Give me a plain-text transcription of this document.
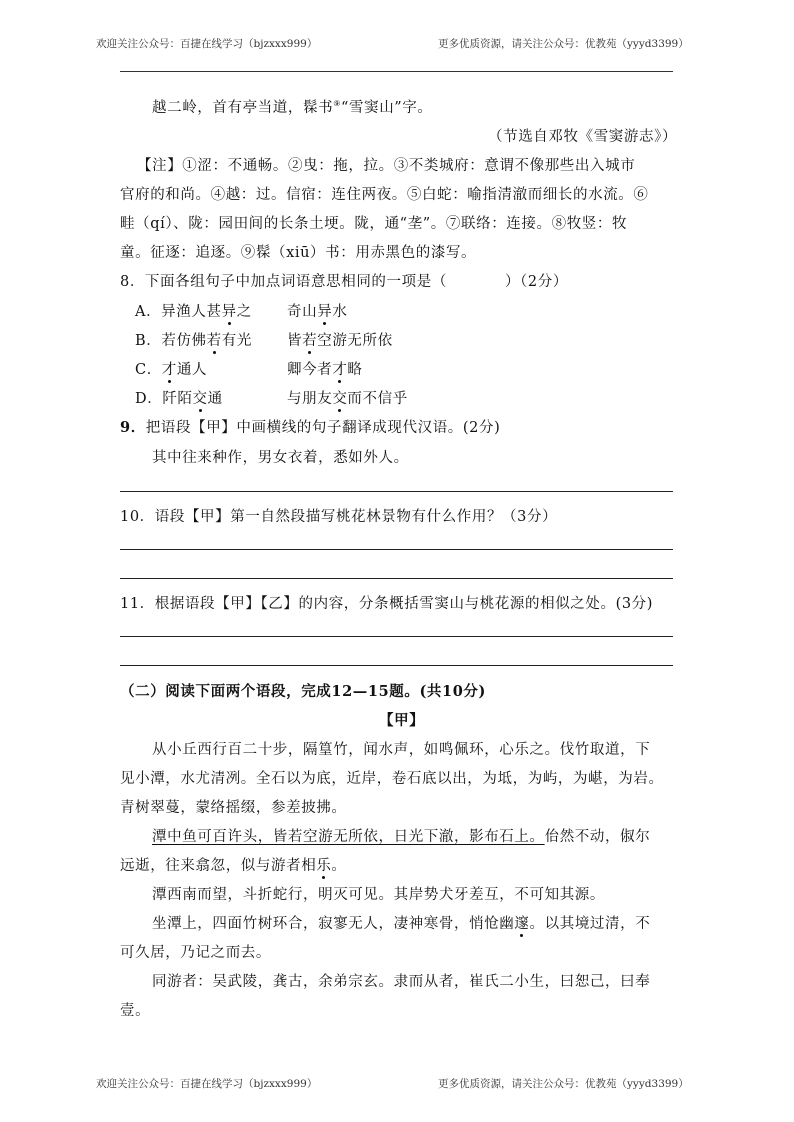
欢迎关注公众号：百捷在线学习（bjzxxx999）	更多优质资源，请关注公众号：优教苑（yyyd3399）
越二岭，首有亭当道，髹书⑨“雪窦山”字。
（节选自邓牧《雪窦游志》）
【注】①涩：不通畅。②曳：拖，拉。③不类城府：意谓不像那些出入城市
官府的和尚。④越：过。信宿：连住两夜。⑤白蛇：喻指清澈而细长的水流。⑥
畦（qí）、陇：园田间的长条土埂。陇，通“垄”。⑦联络：连接。⑧牧竖：牧
童。征逐：追逐。⑨髹（xiū）书：用赤黑色的漆写。
8．下面各组句子中加点词语意思相同的一项是（	）（2分）
A．异渔人甚异之 奇山异水
B．若仿佛若有光 皆若空游无所依
C．才通人	卿今者才略
D．阡陌交通	与朋友交而不信乎
9．把语段【甲】中画横线的句子翻译成现代汉语。(2分)
其中往来种作，男女衣着，悉如外人。
10．语段【甲】第一自然段描写桃花林景物有什么作用？（3分）
11．根据语段【甲】【乙】的内容，分条概括雪窦山与桃花源的相似之处。(3分)
（二）阅读下面两个语段，完成12—15题。(共10分)
【甲】
从小丘西行百二十步，隔篁竹，闻水声，如鸣佩环，心乐之。伐竹取道，下
见小潭，水尤清冽。全石以为底，近岸，卷石底以出，为坻，为屿，为嵁，为岩。
青树翠蔓，蒙络摇缀，参差披拂。
潭中鱼可百许头，皆若空游无所依，日光下澈，影布石上。佁然不动，俶尔
远逝，往来翕忽，似与游者相乐。
潭西南而望，斗折蛇行，明灭可见。其岸势犬牙差互，不可知其源。
坐潭上，四面竹树环合，寂寥无人，凄神寒骨，悄怆幽邃。以其境过清，不
可久居，乃记之而去。
同游者：吴武陵，龚古，余弟宗玄。隶而从者，崔氏二小生，曰恕己，曰奉
壹。
欢迎关注公众号：百捷在线学习（bjzxxx999）	更多优质资源，请关注公众号：优教苑（yyyd3399）
